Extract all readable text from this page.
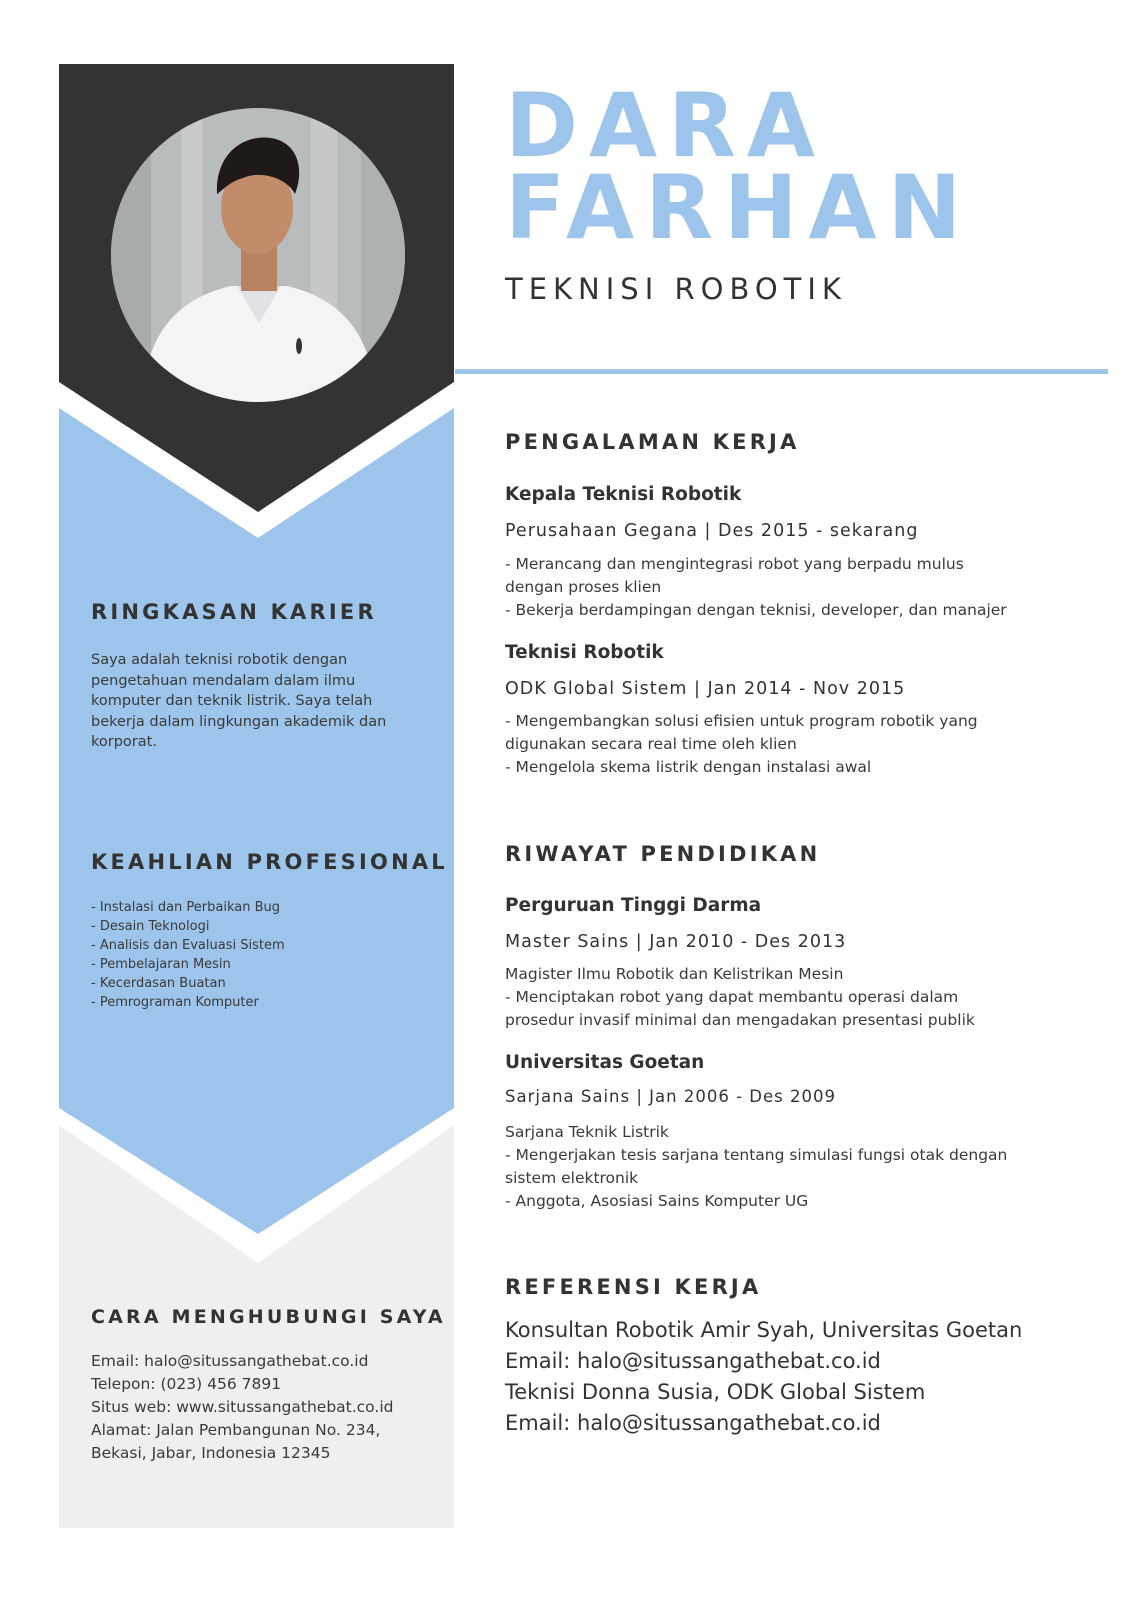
RINGKASAN KARIER
Saya adalah teknisi robotik dengan pengetahuan mendalam dalam ilmu komputer dan teknik listrik. Saya telah bekerja dalam lingkungan akademik dan korporat.
KEAHLIAN PROFESIONAL
- Instalasi dan Perbaikan Bug
- Desain Teknologi
- Analisis dan Evaluasi Sistem
- Pembelajaran Mesin
- Kecerdasan Buatan
- Pemrograman Komputer
CARA MENGHUBUNGI SAYA
Email: halo@situssangathebat.co.id
Telepon: (023) 456 7891
Situs web: www.situssangathebat.co.id
Alamat: Jalan Pembangunan No. 234,
Bekasi, Jabar, Indonesia 12345
DARA
FARHAN
TEKNISI ROBOTIK
PENGALAMAN KERJA
Kepala Teknisi Robotik
Perusahaan Gegana | Des 2015 - sekarang
- Merancang dan mengintegrasi robot yang berpadu mulus
dengan proses klien
- Bekerja berdampingan dengan teknisi, developer, dan manajer
Teknisi Robotik
ODK Global Sistem | Jan 2014 - Nov 2015
- Mengembangkan solusi efisien untuk program robotik yang
digunakan secara real time oleh klien
- Mengelola skema listrik dengan instalasi awal
RIWAYAT PENDIDIKAN
Perguruan Tinggi Darma
Master Sains | Jan 2010 - Des 2013
Magister Ilmu Robotik dan Kelistrikan Mesin
- Menciptakan robot yang dapat membantu operasi dalam
prosedur invasif minimal dan mengadakan presentasi publik
Universitas Goetan
Sarjana Sains | Jan 2006 - Des 2009
Sarjana Teknik Listrik
- Mengerjakan tesis sarjana tentang simulasi fungsi otak dengan
sistem elektronik
- Anggota, Asosiasi Sains Komputer UG
REFERENSI KERJA
Konsultan Robotik Amir Syah, Universitas Goetan
Email: halo@situssangathebat.co.id
Teknisi Donna Susia, ODK Global Sistem
Email: halo@situssangathebat.co.id
